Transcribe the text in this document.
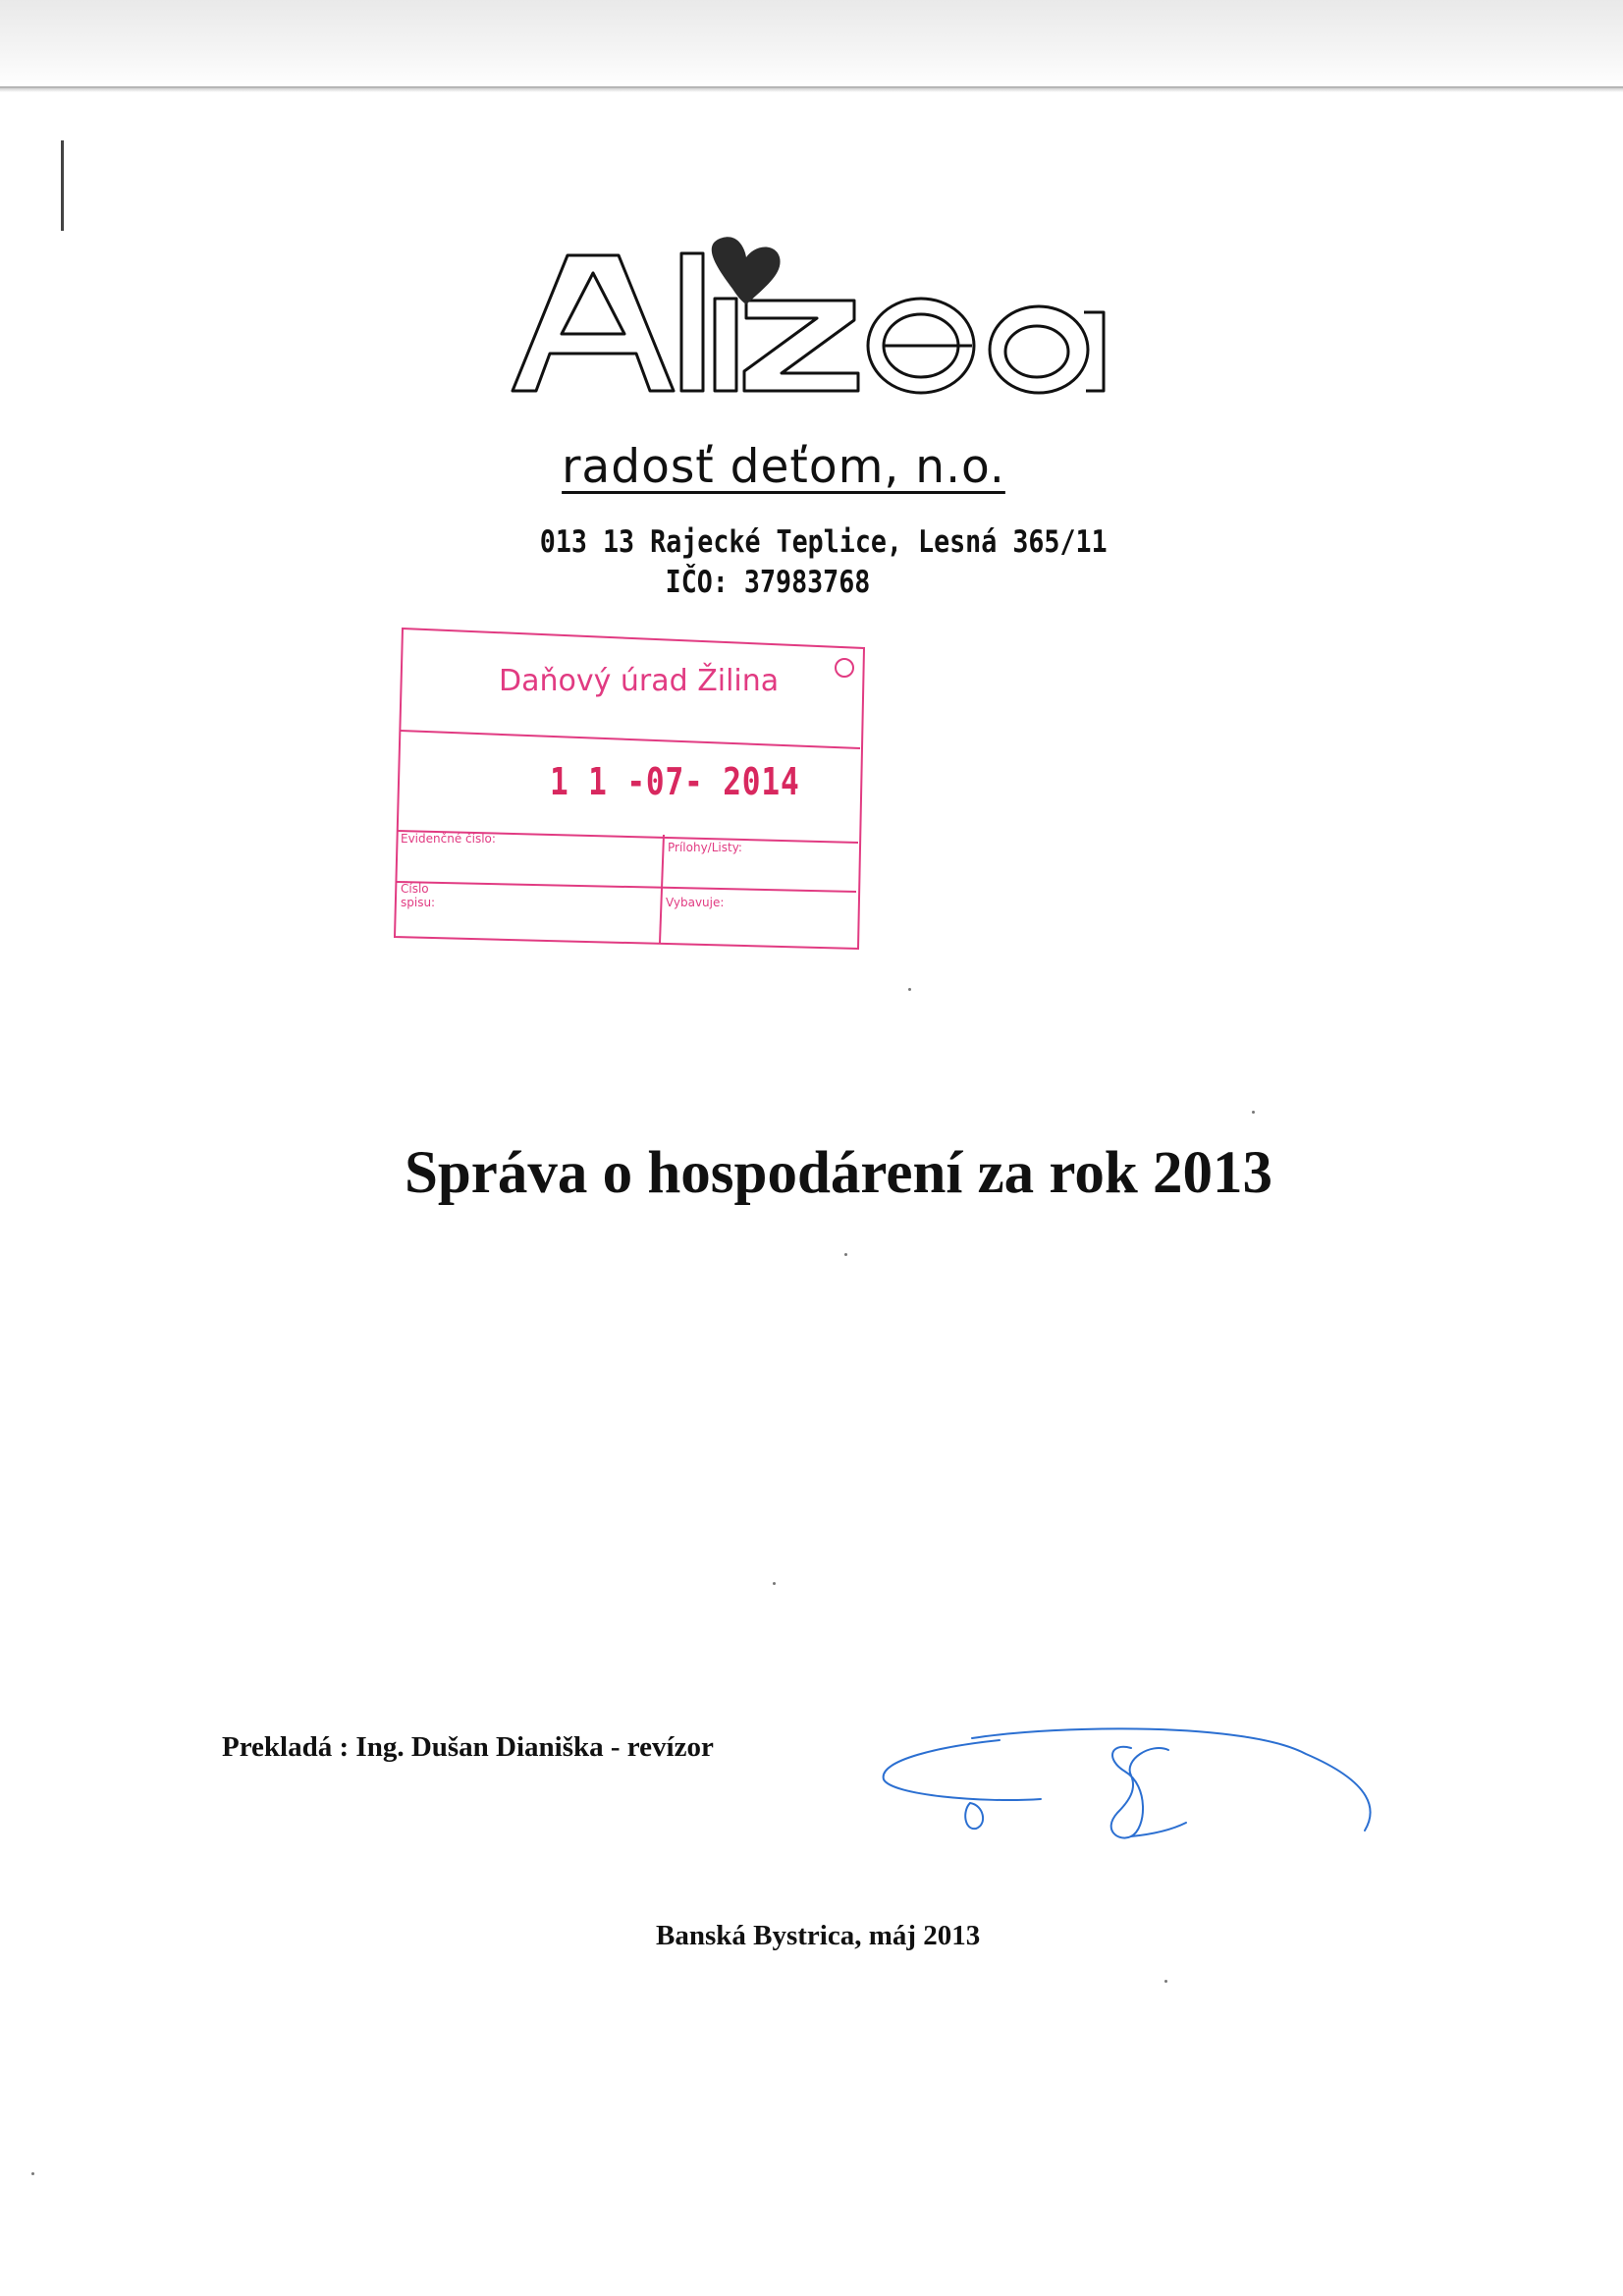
radosť deťom, n.o.
013 13 Rajecké Teplice, Lesná 365/11
IČO: 37983768
Daňový úrad Žilina
1 1 -07- 2014
Evidenčné číslo:
Prílohy/Listy:
Číslo spisu:	Vybavuje:
Správa o hospodárení za rok 2013
Prekladá : Ing. Dušan Dianiška - revízor
Banská Bystrica, máj 2013
